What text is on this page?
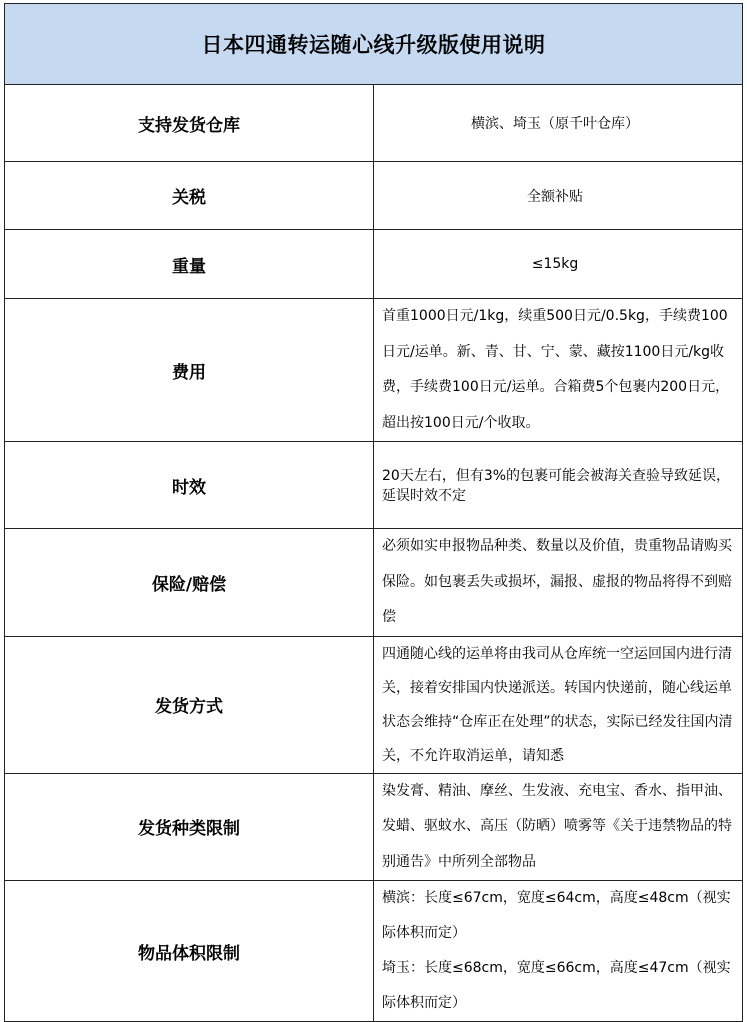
日本四通转运随心线升级版使用说明	
支持发货仓库	横滨、埼玉（原千叶仓库）
关税	全额补贴
重量	≤15kg
费用	首重1000日元/1kg，续重500日元/0.5kg，手续费100日元/运单。新、青、甘、宁、蒙、藏按1100日元/kg收费，手续费100日元/运单。合箱费5个包裹内200日元，超出按100日元/个收取。
时效	20天左右，但有3%的包裹可能会被海关查验导致延误，延误时效不定
保险/赔偿	必须如实申报物品种类、数量以及价值，贵重物品请购买保险。如包裹丢失或损坏，漏报、虚报的物品将得不到赔偿
发货方式	四通随心线的运单将由我司从仓库统一空运回国内进行清关，接着安排国内快递派送。转国内快递前，随心线运单状态会维持“仓库正在处理”的状态，实际已经发往国内清关，不允许取消运单，请知悉
发货种类限制	染发膏、精油、摩丝、生发液、充电宝、香水、指甲油、发蜡、驱蚊水、高压（防晒）喷雾等《关于违禁物品的特别通告》中所列全部物品
物品体积限制	横滨：长度≤67cm，宽度≤64cm，高度≤48cm（视实际体积而定）
埼玉：长度≤68cm，宽度≤66cm，高度≤47cm（视实际体积而定）
